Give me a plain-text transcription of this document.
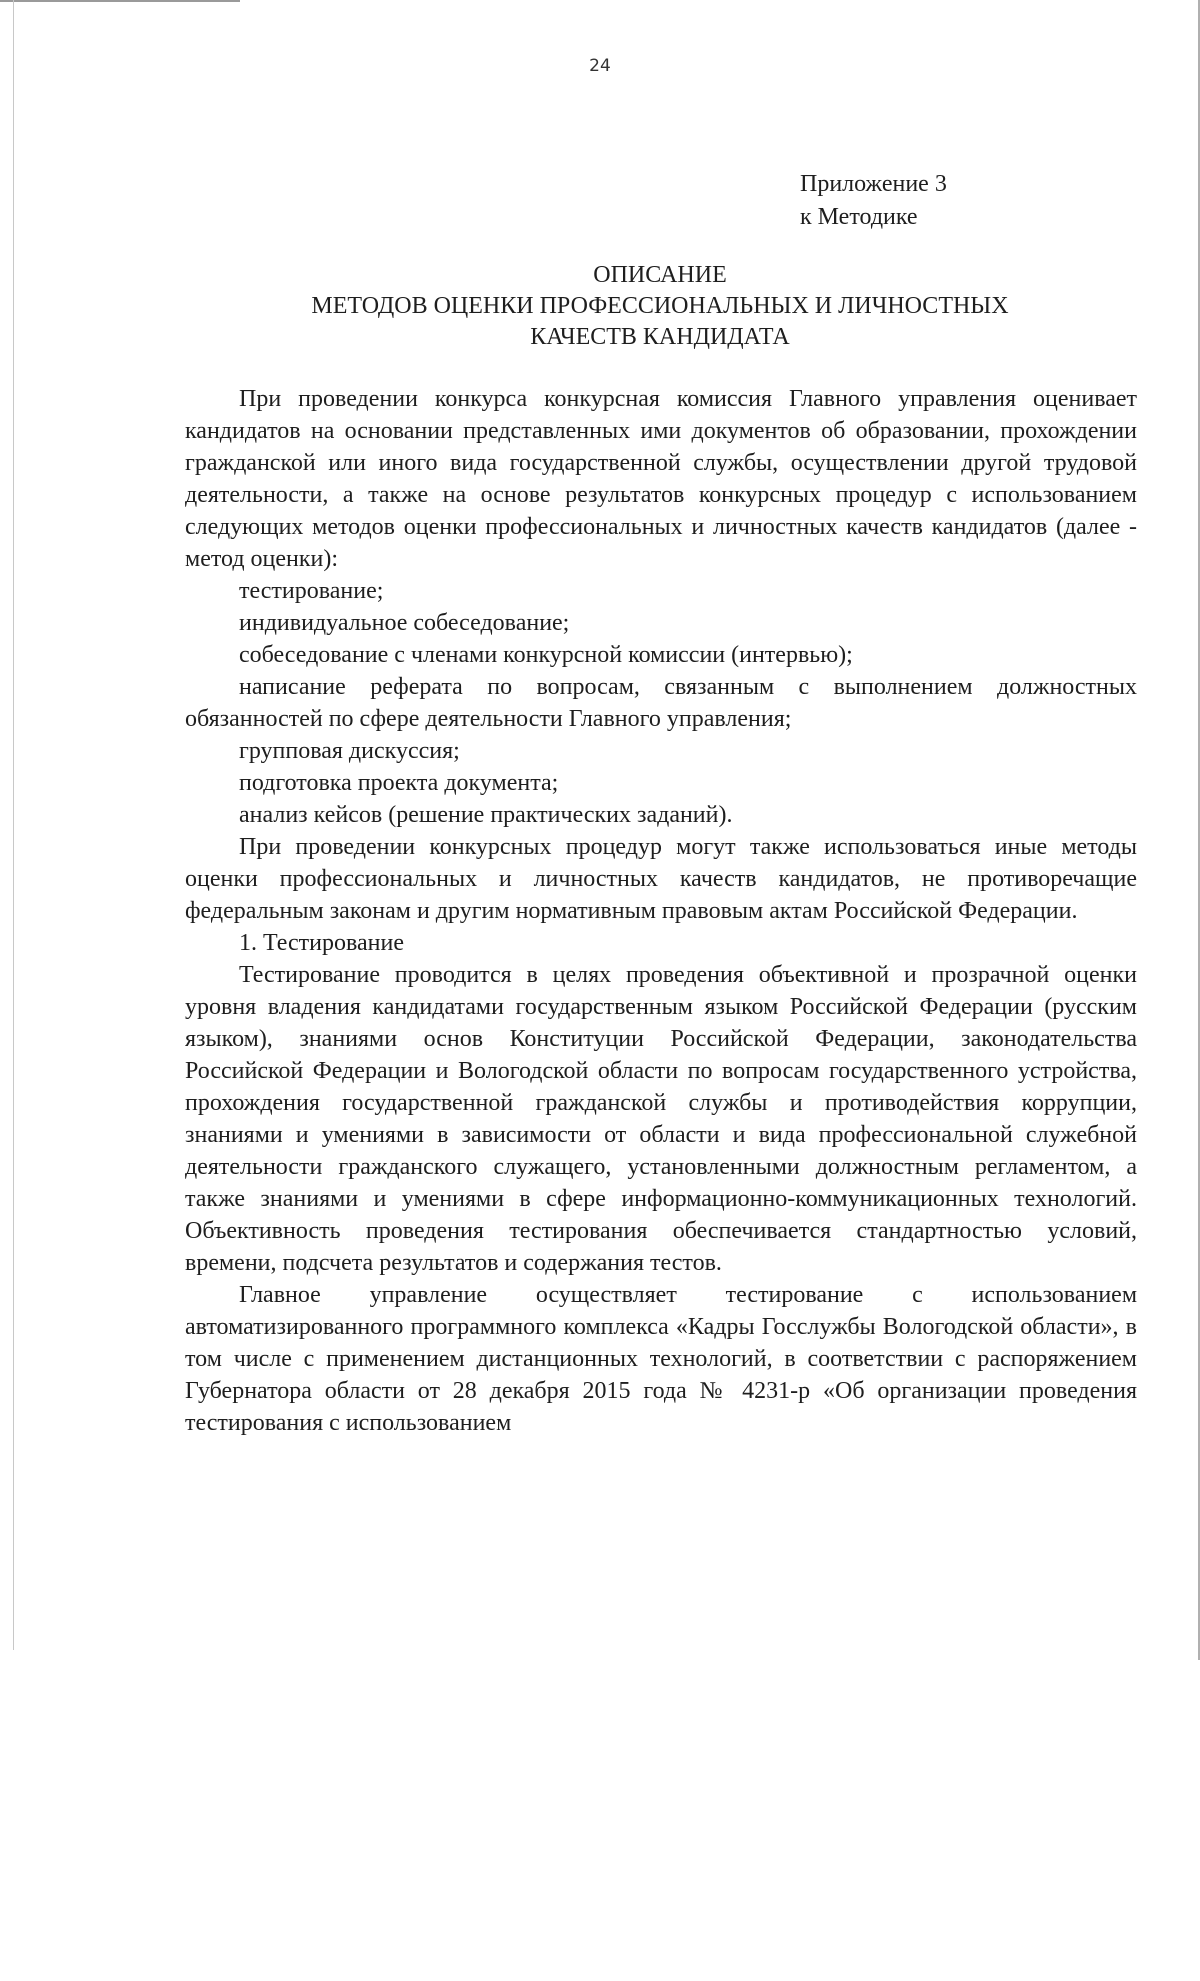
24
Приложение 3
к Методике
ОПИСАНИЕ
МЕТОДОВ ОЦЕНКИ ПРОФЕССИОНАЛЬНЫХ И ЛИЧНОСТНЫХ
КАЧЕСТВ КАНДИДАТА

При проведении конкурса конкурсная комиссия Главного управления оценивает кандидатов на основании представленных ими документов об образовании, прохождении гражданской или иного вида государственной службы, осуществлении другой трудовой деятельности, а также на основе результатов конкурсных процедур с использованием следующих методов оценки профессиональных и личностных качеств кандидатов (далее - метод оценки):

тестирование;

индивидуальное собеседование;

собеседование с членами конкурсной комиссии (интервью);

написание реферата по вопросам, связанным с выполнением должностных обязанностей по сфере деятельности Главного управления;

групповая дискуссия;

подготовка проекта документа;

анализ кейсов (решение практических заданий).

При проведении конкурсных процедур могут также использоваться иные методы оценки профессиональных и личностных качеств кандидатов, не противоречащие федеральным законам и другим нормативным правовым актам Российской Федерации.

1. Тестирование

Тестирование проводится в целях проведения объективной и прозрачной оценки уровня владения кандидатами государственным языком Российской Федерации (русским языком), знаниями основ Конституции Российской Федерации, законодательства Российской Федерации и Вологодской области по вопросам государственного устройства, прохождения государственной гражданской службы и противодействия коррупции, знаниями и умениями в зависимости от области и вида профессиональной служебной деятельности гражданского служащего, установленными должностным регламентом, а также знаниями и умениями в сфере информационно-коммуникационных технологий. Объективность проведения тестирования обеспечивается стандартностью условий, времени, подсчета результатов и содержания тестов.

Главное управление осуществляет тестирование с использованием автоматизированного программного комплекса «Кадры Госслужбы Вологодской области», в том числе с применением дистанционных технологий, в соответствии с распоряжением Губернатора области от 28 декабря 2015 года № 4231-р «Об организации проведения тестирования с использованием
